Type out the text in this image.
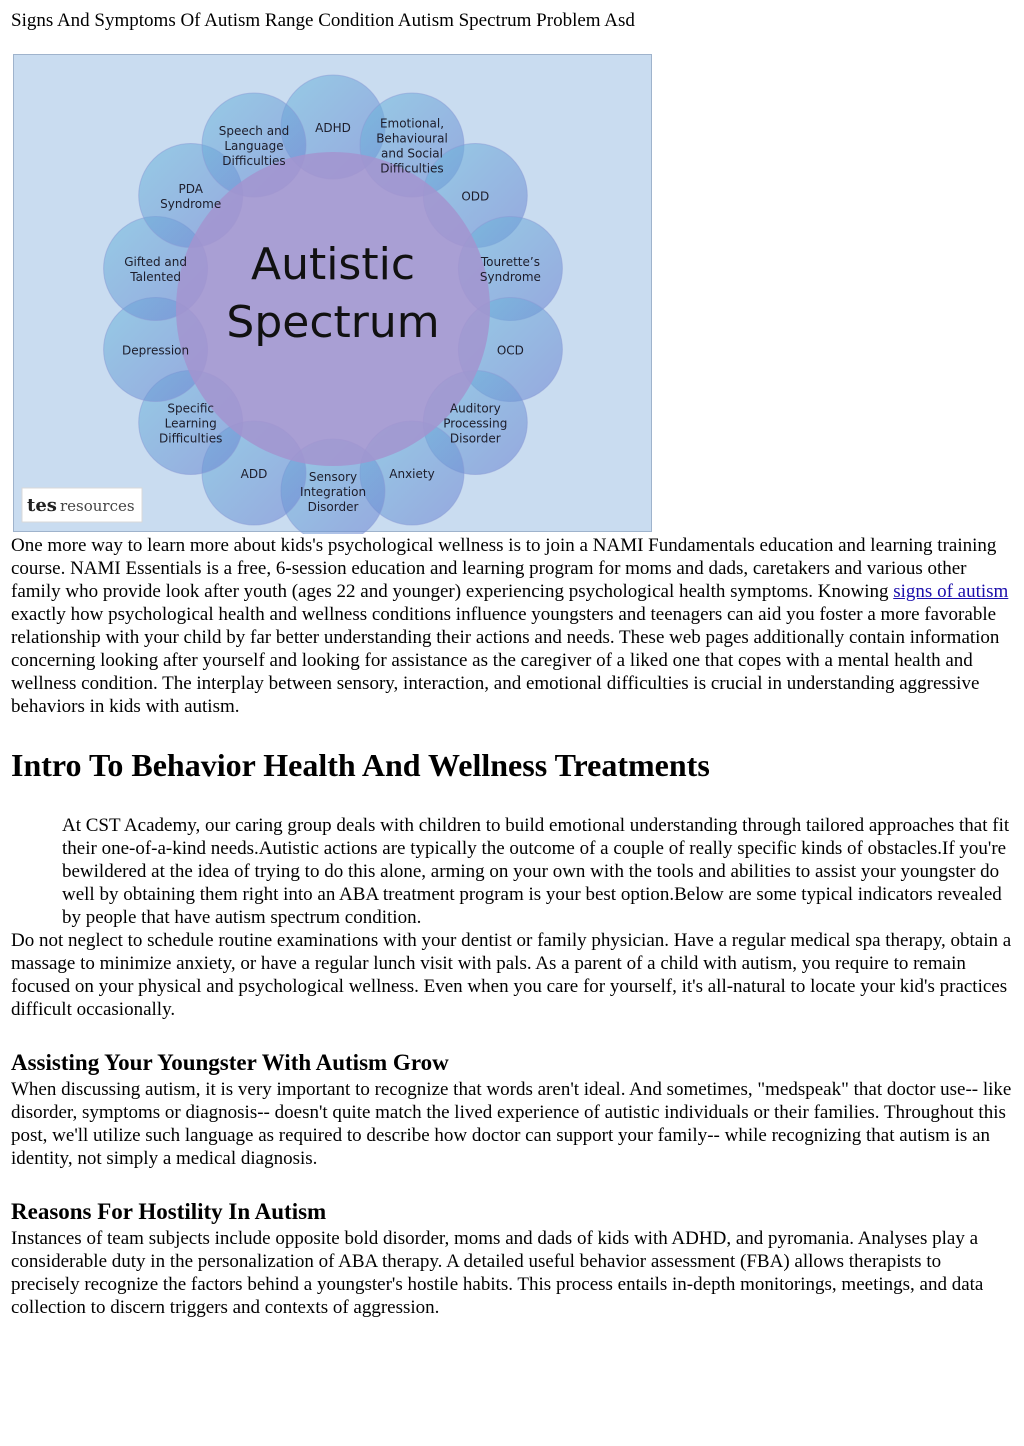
Signs And Symptoms Of Autism Range Condition Autism Spectrum Problem Asd
ADHD	Emotional, Behavioural and Social Difficulties
ODD
Tourette’s Syndrome
OCD
Auditory Processing Disorder
Anxiety
Sensory Integration Disorder
ADD
Specific Learning Difficulties
Depression
Gifted and Talented
PDA Syndrome
Speech and Language Difficulties
Autistic
Spectrum
tes resources

One more way to learn more about kids's psychological wellness is to join a NAMI Fundamentals education and learning training course. NAMI Essentials is a free, 6-session education and learning program for moms and dads, caretakers and various other family who provide look after youth (ages 22 and younger) experiencing psychological health symptoms. Knowing signs of autism exactly how psychological health and wellness conditions influence youngsters and teenagers can aid you foster a more favorable relationship with your child by far better understanding their actions and needs. These web pages additionally contain information concerning looking after yourself and looking for assistance as the caregiver of a liked one that copes with a mental health and wellness condition. The interplay between sensory, interaction, and emotional difficulties is crucial in understanding aggressive behaviors in kids with autism.

Intro To Behavior Health And Wellness Treatments
At CST Academy, our caring group deals with children to build emotional understanding through tailored approaches that fit their one-of-a-kind needs.Autistic actions are typically the outcome of a couple of really specific kinds of obstacles.If you're bewildered at the idea of trying to do this alone, arming on your own with the tools and abilities to assist your youngster do well by obtaining them right into an ABA treatment program is your best option.Below are some typical indicators revealed by people that have autism spectrum condition.

Do not neglect to schedule routine examinations with your dentist or family physician. Have a regular medical spa therapy, obtain a massage to minimize anxiety, or have a regular lunch visit with pals. As a parent of a child with autism, you require to remain focused on your physical and psychological wellness. Even when you care for yourself, it's all-natural to locate your kid's practices difficult occasionally.

Assisting Your Youngster With Autism Grow

When discussing autism, it is very important to recognize that words aren't ideal. And sometimes, "medspeak" that doctor use-- like disorder, symptoms or diagnosis-- doesn't quite match the lived experience of autistic individuals or their families. Throughout this post, we'll utilize such language as required to describe how doctor can support your family-- while recognizing that autism is an identity, not simply a medical diagnosis.

Reasons For Hostility In Autism

Instances of team subjects include opposite bold disorder, moms and dads of kids with ADHD, and pyromania. Analyses play a considerable duty in the personalization of ABA therapy. A detailed useful behavior assessment (FBA) allows therapists to precisely recognize the factors behind a youngster's hostile habits. This process entails in-depth monitorings, meetings, and data collection to discern triggers and contexts of aggression.
